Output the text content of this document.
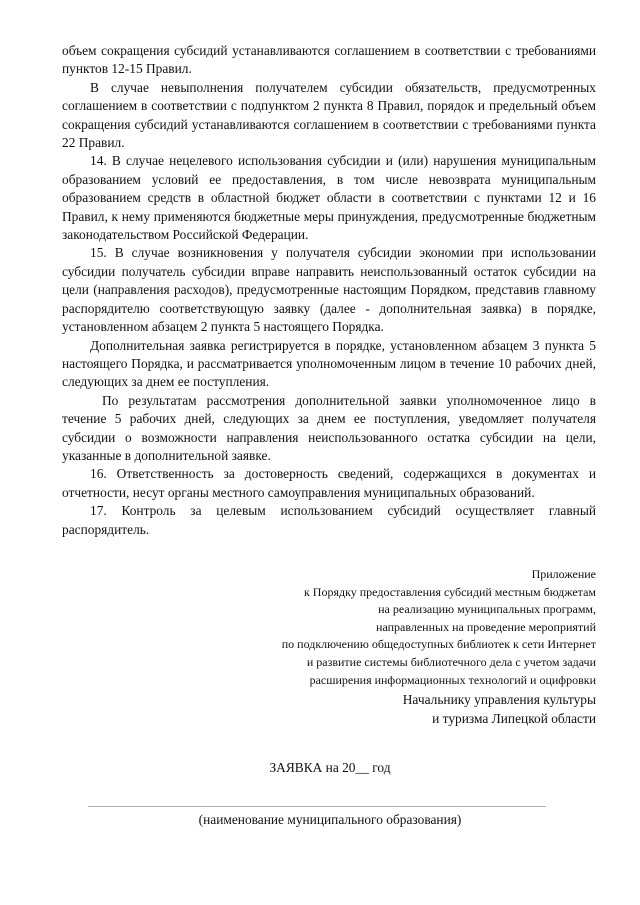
объем сокращения субсидий устанавливаются соглашением в соответствии с требованиями пунктов 12-15 Правил.

В случае невыполнения получателем субсидии обязательств, предусмотренных соглашением в соответствии с подпунктом 2 пункта 8 Правил, порядок и предельный объем сокращения субсидий устанавливаются соглашением в соответствии с требованиями пункта 22 Правил.

14. В случае нецелевого использования субсидии и (или) нарушения муниципальным образованием условий ее предоставления, в том числе невозврата муниципальным образованием средств в областной бюджет области в соответствии с пунктами 12 и 16 Правил, к нему применяются бюджетные меры принуждения, предусмотренные бюджетным законодательством Российской Федерации.

15. В случае возникновения у получателя субсидии экономии при использовании субсидии получатель субсидии вправе направить неиспользованный остаток субсидии на цели (направления расходов), предусмотренные настоящим Порядком, представив главному распорядителю соответствующую заявку (далее - дополнительная заявка) в порядке, установленном абзацем 2 пункта 5 настоящего Порядка.

Дополнительная заявка регистрируется в порядке, установленном абзацем 3 пункта 5 настоящего Порядка, и рассматривается уполномоченным лицом в течение 10 рабочих дней, следующих за днем ее поступления.

По результатам рассмотрения дополнительной заявки уполномоченное лицо в течение 5 рабочих дней, следующих за днем ее поступления, уведомляет получателя субсидии о возможности направления неиспользованного остатка субсидии на цели, указанные в дополнительной заявке.

16. Ответственность за достоверность сведений, содержащихся в документах и отчетности, несут органы местного самоуправления муниципальных образований.

17. Контроль за целевым использованием субсидий осуществляет главный распорядитель.

Приложение
к Порядку предоставления субсидий местным бюджетам
на реализацию муниципальных программ,
направленных на проведение мероприятий
по подключению общедоступных библиотек к сети Интернет
и развитие системы библиотечного дела с учетом задачи
расширения информационных технологий и оцифровки
Начальнику управления культуры
и туризма Липецкой области
ЗАЯВКА на 20__ год
(наименование муниципального образования)
